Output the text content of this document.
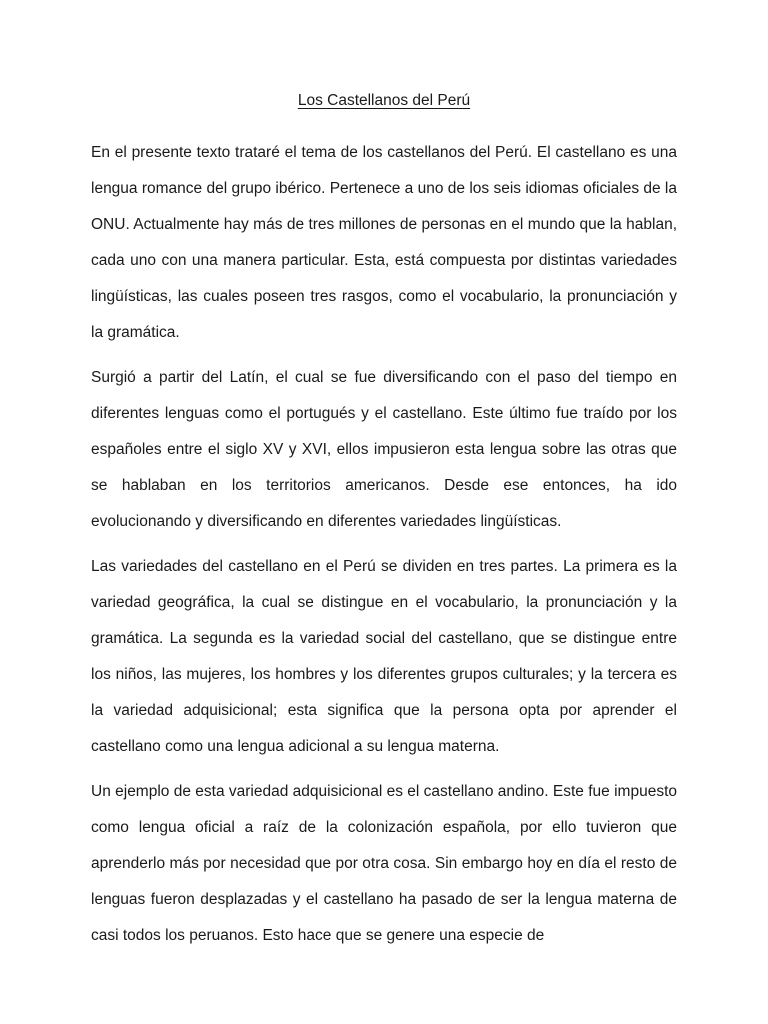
Los Castellanos del Perú

En el presente texto trataré el tema de los castellanos del Perú. El castellano es una lengua romance del grupo ibérico. Pertenece a uno de los seis idiomas oficiales de la ONU. Actualmente hay más de tres millones de personas en el mundo que la hablan, cada uno con una manera particular. Esta, está compuesta por distintas variedades lingüísticas, las cuales poseen tres rasgos, como el vocabulario, la pronunciación y la gramática.

Surgió a partir del Latín, el cual se fue diversificando con el paso del tiempo en diferentes lenguas como el portugués y el castellano. Este último fue traído por los españoles entre el siglo XV y XVI, ellos impusieron esta lengua sobre las otras que se hablaban en los territorios americanos. Desde ese entonces, ha ido evolucionando y diversificando en diferentes variedades lingüísticas.

Las variedades del castellano en el Perú se dividen en tres partes. La primera es la variedad geográfica, la cual se distingue en el vocabulario, la pronunciación y la gramática. La segunda es la variedad social del castellano, que se distingue entre los niños, las mujeres, los hombres y los diferentes grupos culturales; y la tercera es la variedad adquisicional; esta significa que la persona opta por aprender el castellano como una lengua adicional a su lengua materna.

Un ejemplo de esta variedad adquisicional es el castellano andino. Este fue impuesto como lengua oficial a raíz de la colonización española, por ello tuvieron que aprenderlo más por necesidad que por otra cosa. Sin embargo hoy en día el resto de lenguas fueron desplazadas y el castellano ha pasado de ser la lengua materna de casi todos los peruanos. Esto hace que se genere una especie de
